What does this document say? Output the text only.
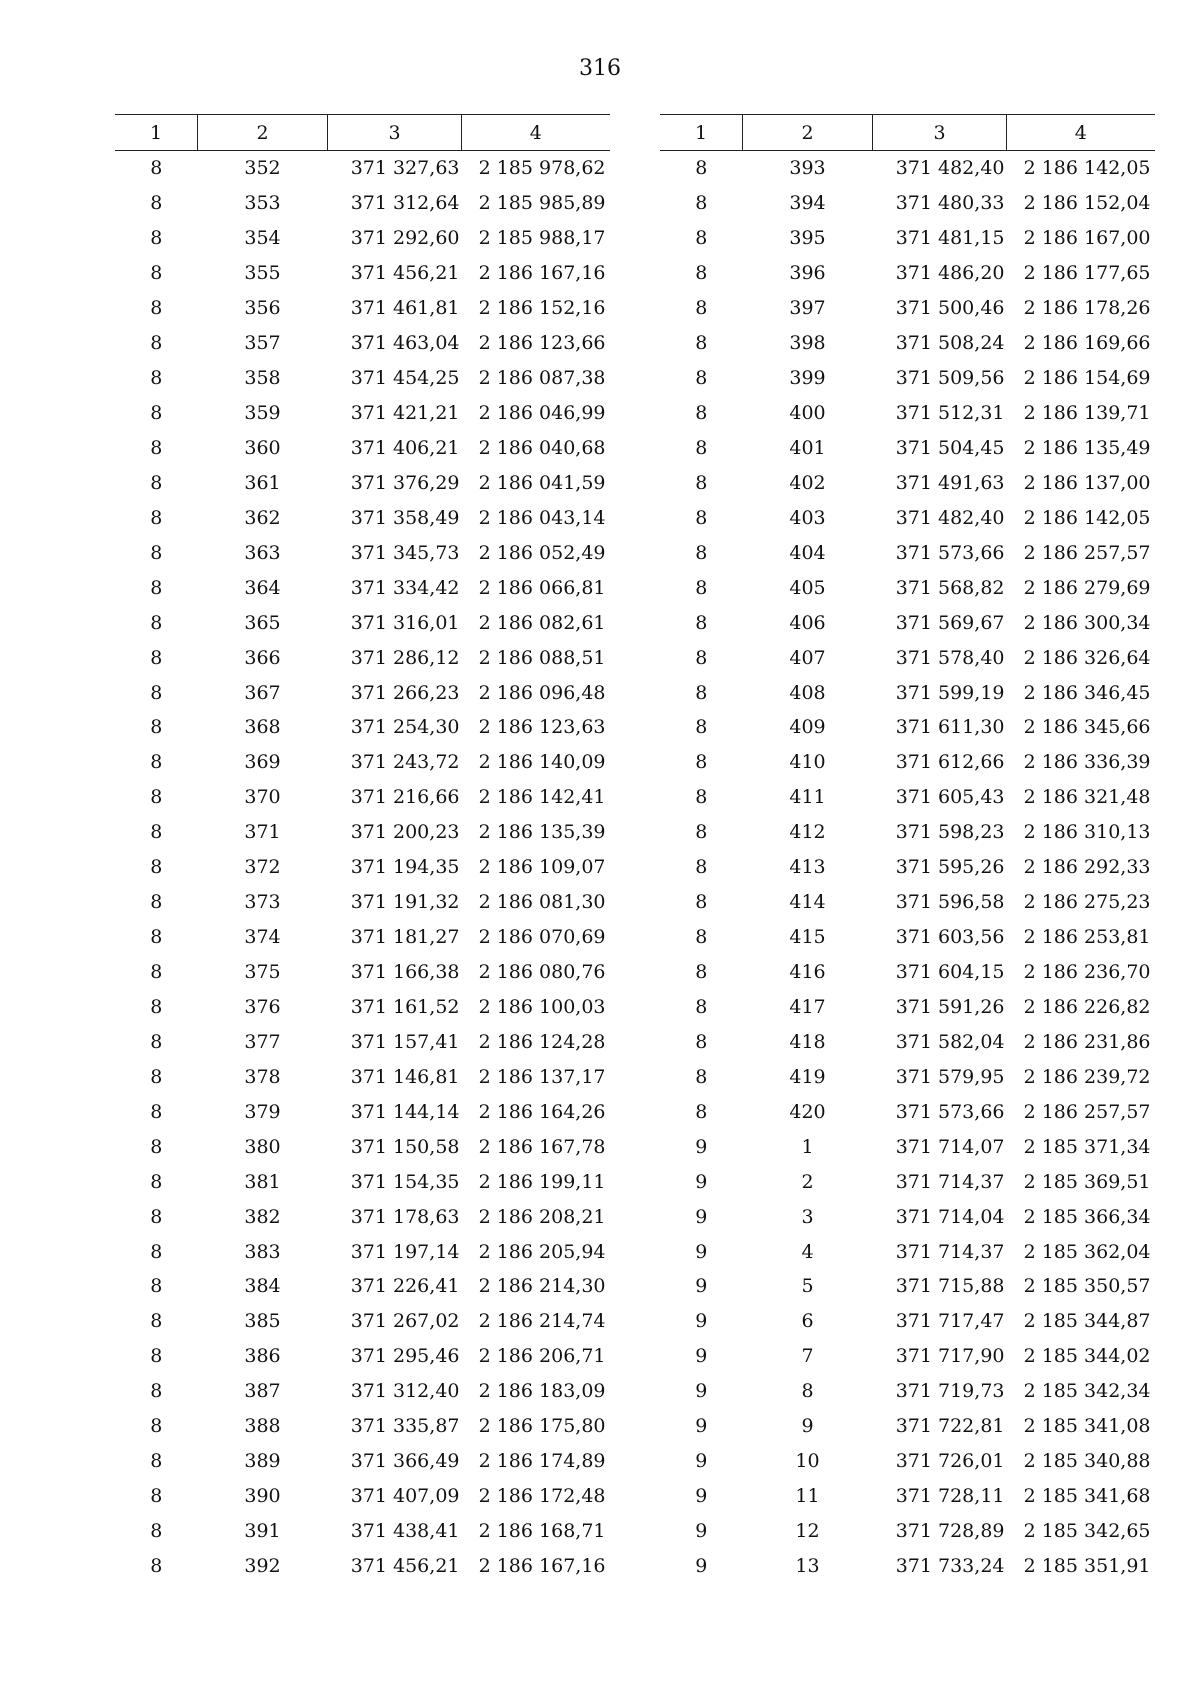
316
1	2	3	4
8	352	371 327,63	2 185 978,62
8	353	371 312,64	2 185 985,89
8	354	371 292,60	2 185 988,17
8	355	371 456,21	2 186 167,16
8	356	371 461,81	2 186 152,16
8	357	371 463,04	2 186 123,66
8	358	371 454,25	2 186 087,38
8	359	371 421,21	2 186 046,99
8	360	371 406,21	2 186 040,68
8	361	371 376,29	2 186 041,59
8	362	371 358,49	2 186 043,14
8	363	371 345,73	2 186 052,49
8	364	371 334,42	2 186 066,81
8	365	371 316,01	2 186 082,61
8	366	371 286,12	2 186 088,51
8	367	371 266,23	2 186 096,48
8	368	371 254,30	2 186 123,63
8	369	371 243,72	2 186 140,09
8	370	371 216,66	2 186 142,41
8	371	371 200,23	2 186 135,39
8	372	371 194,35	2 186 109,07
8	373	371 191,32	2 186 081,30
8	374	371 181,27	2 186 070,69
8	375	371 166,38	2 186 080,76
8	376	371 161,52	2 186 100,03
8	377	371 157,41	2 186 124,28
8	378	371 146,81	2 186 137,17
8	379	371 144,14	2 186 164,26
8	380	371 150,58	2 186 167,78
8	381	371 154,35	2 186 199,11
8	382	371 178,63	2 186 208,21
8	383	371 197,14	2 186 205,94
8	384	371 226,41	2 186 214,30
8	385	371 267,02	2 186 214,74
8	386	371 295,46	2 186 206,71
8	387	371 312,40	2 186 183,09
8	388	371 335,87	2 186 175,80
8	389	371 366,49	2 186 174,89
8	390	371 407,09	2 186 172,48
8	391	371 438,41	2 186 168,71
8	392	371 456,21	2 186 167,16
1	2	3	4
8	393	371 482,40	2 186 142,05
8	394	371 480,33	2 186 152,04
8	395	371 481,15	2 186 167,00
8	396	371 486,20	2 186 177,65
8	397	371 500,46	2 186 178,26
8	398	371 508,24	2 186 169,66
8	399	371 509,56	2 186 154,69
8	400	371 512,31	2 186 139,71
8	401	371 504,45	2 186 135,49
8	402	371 491,63	2 186 137,00
8	403	371 482,40	2 186 142,05
8	404	371 573,66	2 186 257,57
8	405	371 568,82	2 186 279,69
8	406	371 569,67	2 186 300,34
8	407	371 578,40	2 186 326,64
8	408	371 599,19	2 186 346,45
8	409	371 611,30	2 186 345,66
8	410	371 612,66	2 186 336,39
8	411	371 605,43	2 186 321,48
8	412	371 598,23	2 186 310,13
8	413	371 595,26	2 186 292,33
8	414	371 596,58	2 186 275,23
8	415	371 603,56	2 186 253,81
8	416	371 604,15	2 186 236,70
8	417	371 591,26	2 186 226,82
8	418	371 582,04	2 186 231,86
8	419	371 579,95	2 186 239,72
8	420	371 573,66	2 186 257,57
9	1	371 714,07	2 185 371,34
9	2	371 714,37	2 185 369,51
9	3	371 714,04	2 185 366,34
9	4	371 714,37	2 185 362,04
9	5	371 715,88	2 185 350,57
9	6	371 717,47	2 185 344,87
9	7	371 717,90	2 185 344,02
9	8	371 719,73	2 185 342,34
9	9	371 722,81	2 185 341,08
9	10	371 726,01	2 185 340,88
9	11	371 728,11	2 185 341,68
9	12	371 728,89	2 185 342,65
9	13	371 733,24	2 185 351,91
